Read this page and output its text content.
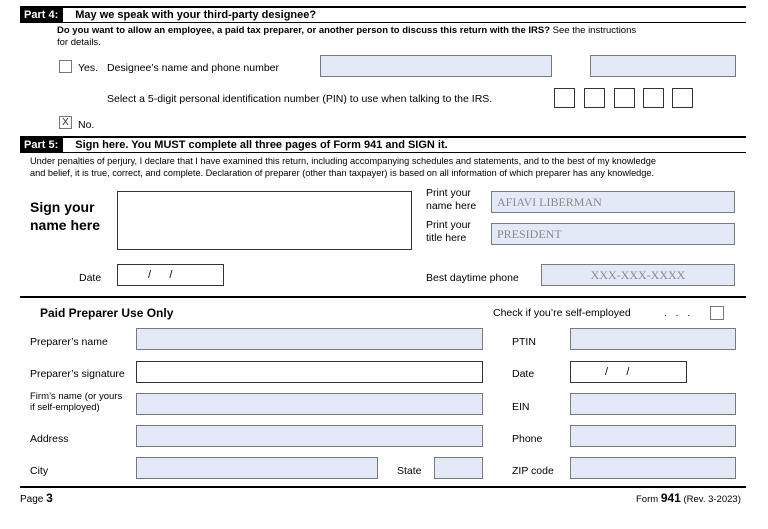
Part 4:	May we speak with your third-party designee?
Do you want to allow an employee, a paid tax preparer, or another person to discuss this return with the IRS? See the instructions
for details.
Yes. Designee’s name and phone number
Select a 5-digit personal identification number (PIN) to use when talking to the IRS.
X No.
Part 5:	Sign here. You MUST complete all three pages of Form 941 and SIGN it.
Under penalties of perjury, I declare that I have examined this return, including accompanying schedules and statements, and to the best of my knowledge
and belief, it is true, correct, and complete. Declaration of preparer (other than taxpayer) is based on all information of which preparer has any knowledge.
Sign your
name here
Print your
name here	AFIAVI LIBERMAN
Print your
title here	PRESIDENT
Date	/      /	Best daytime phone	XXX-XXX-XXXX
Paid Preparer Use Only	Check if you’re self-employed	.   .   .
Preparer’s name	PTIN
Preparer’s signature	Date	/      /
Firm’s name (or yours
if self-employed)	EIN
Address	Phone
City	State	ZIP code
Page 3	Form 941 (Rev. 3-2023)
